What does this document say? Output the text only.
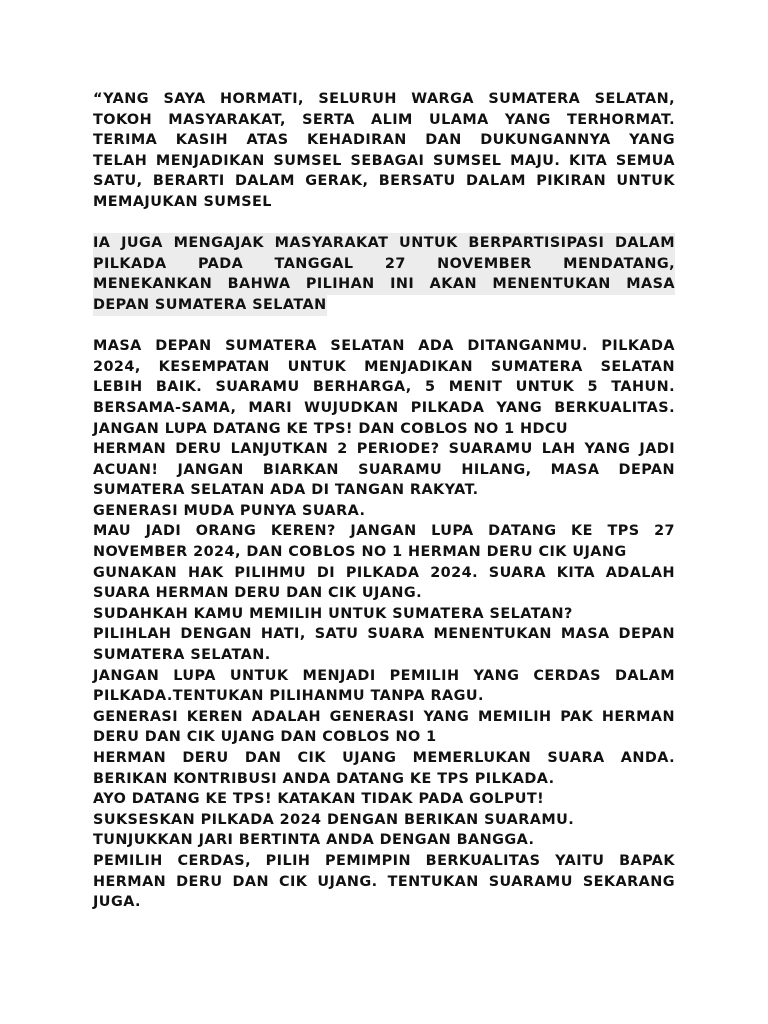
“YANG SAYA HORMATI, SELURUH WARGA SUMATERA SELATAN,
TOKOH MASYARAKAT, SERTA ALIM ULAMA YANG TERHORMAT.
TERIMA KASIH ATAS KEHADIRAN DAN DUKUNGANNYA YANG
TELAH MENJADIKAN SUMSEL SEBAGAI SUMSEL MAJU. KITA SEMUA
SATU, BERARTI DALAM GERAK, BERSATU DALAM PIKIRAN UNTUK
MEMAJUKAN SUMSEL
IA JUGA MENGAJAK MASYARAKAT UNTUK BERPARTISIPASI DALAM
PILKADA PADA TANGGAL 27 NOVEMBER MENDATANG,
MENEKANKAN BAHWA PILIHAN INI AKAN MENENTUKAN MASA
DEPAN SUMATERA SELATAN
MASA DEPAN SUMATERA SELATAN ADA DITANGANMU. PILKADA
2024, KESEMPATAN UNTUK MENJADIKAN SUMATERA SELATAN
LEBIH BAIK. SUARAMU BERHARGA, 5 MENIT UNTUK 5 TAHUN.
BERSAMA-SAMA, MARI WUJUDKAN PILKADA YANG BERKUALITAS.
JANGAN LUPA DATANG KE TPS! DAN COBLOS NO 1 HDCU
HERMAN DERU LANJUTKAN 2 PERIODE? SUARAMU LAH YANG JADI
ACUAN! JANGAN BIARKAN SUARAMU HILANG, MASA DEPAN
SUMATERA SELATAN ADA DI TANGAN RAKYAT.
GENERASI MUDA PUNYA SUARA.
MAU JADI ORANG KEREN? JANGAN LUPA DATANG KE TPS 27
NOVEMBER 2024, DAN COBLOS NO 1 HERMAN DERU CIK UJANG
GUNAKAN HAK PILIHMU DI PILKADA 2024. SUARA KITA ADALAH
SUARA HERMAN DERU DAN CIK UJANG.
SUDAHKAH KAMU MEMILIH UNTUK SUMATERA SELATAN?
PILIHLAH DENGAN HATI, SATU SUARA MENENTUKAN MASA DEPAN
SUMATERA SELATAN.
JANGAN LUPA UNTUK MENJADI PEMILIH YANG CERDAS DALAM
PILKADA.TENTUKAN PILIHANMU TANPA RAGU.
GENERASI KEREN ADALAH GENERASI YANG MEMILIH PAK HERMAN
DERU DAN CIK UJANG DAN COBLOS NO 1
HERMAN DERU DAN CIK UJANG MEMERLUKAN SUARA ANDA.
BERIKAN KONTRIBUSI ANDA DATANG KE TPS PILKADA.
AYO DATANG KE TPS! KATAKAN TIDAK PADA GOLPUT!
SUKSESKAN PILKADA 2024 DENGAN BERIKAN SUARAMU.
TUNJUKKAN JARI BERTINTA ANDA DENGAN BANGGA.
PEMILIH CERDAS, PILIH PEMIMPIN BERKUALITAS YAITU BAPAK
HERMAN DERU DAN CIK UJANG. TENTUKAN SUARAMU SEKARANG
JUGA.
